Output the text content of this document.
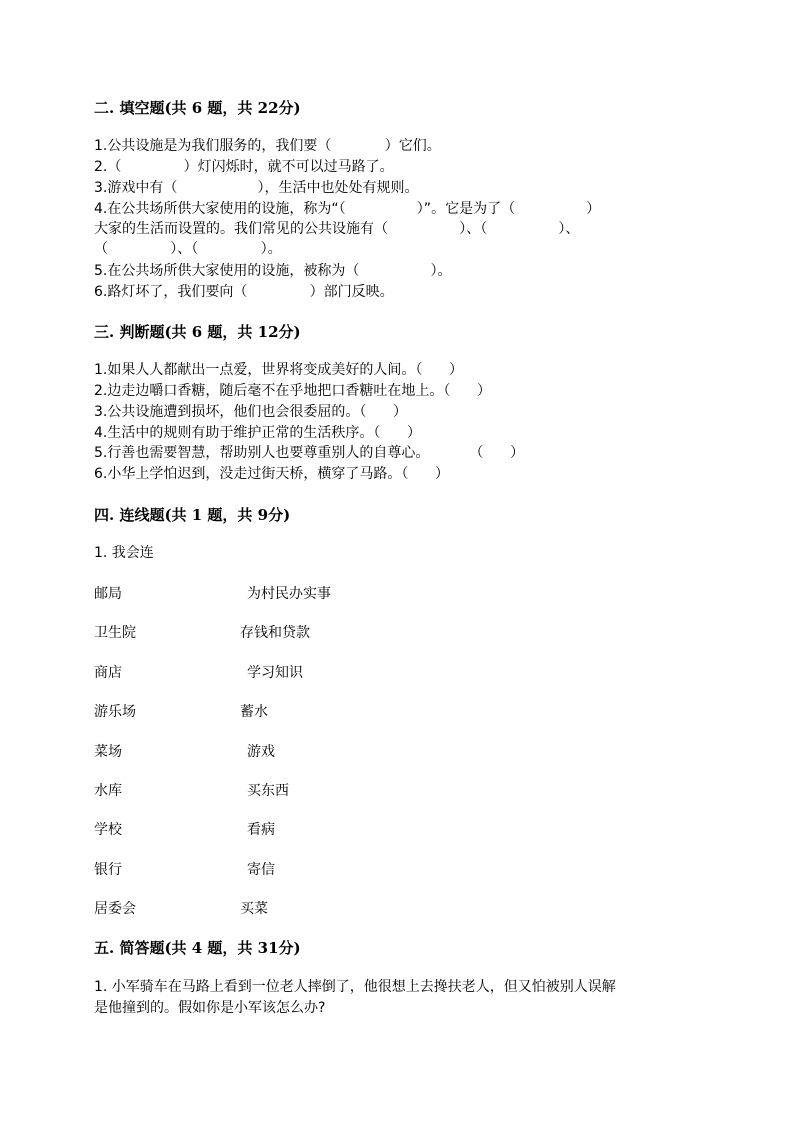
二. 填空题(共 6 题，共 22分)
1.公共设施是为我们服务的，我们要（            ）它们。
2.（              ）灯闪烁时，就不可以过马路了。
3.游戏中有（                  ），生活中也处处有规则。
4.在公共场所供大家使用的设施，称为“（                ）”。它是为了（                ）
大家的生活而设置的。我们常见的公共设施有（                ）、（                ）、
（              ）、（              ）。
5.在公共场所供大家使用的设施，被称为（                ）。
6.路灯坏了，我们要向（              ）部门反映。
三. 判断题(共 6 题，共 12分)
1.如果人人都献出一点爱，世界将变成美好的人间。（      ）
2.边走边嚼口香糖，随后毫不在乎地把口香糖吐在地上。（      ）
3.公共设施遭到损坏，他们也会很委屈的。（      ）
4.生活中的规则有助于维护正常的生活秩序。（      ）
5.行善也需要智慧，帮助别人也要尊重别人的自尊心。         （      ）
6.小华上学怕迟到，没走过街天桥，横穿了马路。（      ）
四. 连线题(共 1 题，共 9分)
1. 我会连
邮局	为村民办实事
卫生院	存钱和贷款
商店	学习知识
游乐场	蓄水
菜场	游戏
水库	买东西
学校	看病
银行	寄信
居委会	买菜
五. 简答题(共 4 题，共 31分)
1. 小军骑车在马路上看到一位老人摔倒了，他很想上去搀扶老人，但又怕被别人误解
是他撞到的。假如你是小军该怎么办?
